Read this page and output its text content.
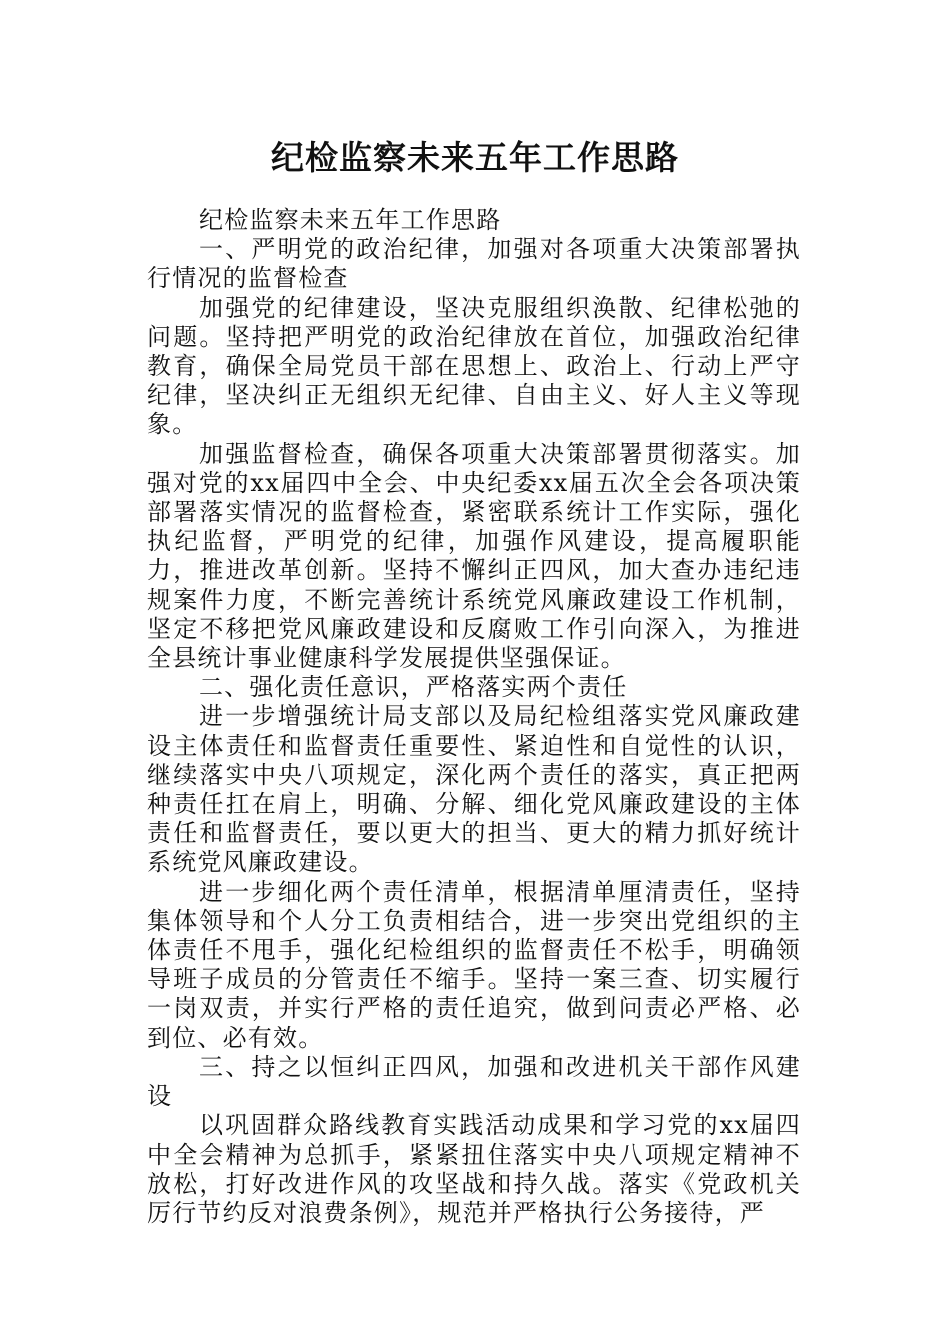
纪检监察未来五年工作思路

纪检监察未来五年工作思路

一、严明党的政治纪律，加强对各项重大决策部署执行情况的监督检查

加强党的纪律建设，坚决克服组织涣散、纪律松弛的问题。坚持把严明党的政治纪律放在首位，加强政治纪律教育，确保全局党员干部在思想上、政治上、行动上严守纪律，坚决纠正无组织无纪律、自由主义、好人主义等现象。

加强监督检查，确保各项重大决策部署贯彻落实。加强对党的xx届四中全会、中央纪委xx届五次全会各项决策部署落实情况的监督检查，紧密联系统计工作实际，强化执纪监督，严明党的纪律，加强作风建设，提高履职能力，推进改革创新。坚持不懈纠正四风，加大查办违纪违规案件力度，不断完善统计系统党风廉政建设工作机制，坚定不移把党风廉政建设和反腐败工作引向深入，为推进全县统计事业健康科学发展提供坚强保证。

二、强化责任意识，严格落实两个责任

进一步增强统计局支部以及局纪检组落实党风廉政建设主体责任和监督责任重要性、紧迫性和自觉性的认识，继续落实中央八项规定，深化两个责任的落实，真正把两种责任扛在肩上，明确、分解、细化党风廉政建设的主体责任和监督责任，要以更大的担当、更大的精力抓好统计系统党风廉政建设。

进一步细化两个责任清单，根据清单厘清责任，坚持集体领导和个人分工负责相结合，进一步突出党组织的主体责任不甩手，强化纪检组织的监督责任不松手，明确领导班子成员的分管责任不缩手。坚持一案三查、切实履行一岗双责，并实行严格的责任追究，做到问责必严格、必到位、必有效。

三、持之以恒纠正四风，加强和改进机关干部作风建设

以巩固群众路线教育实践活动成果和学习党的xx届四中全会精神为总抓手，紧紧扭住落实中央八项规定精神不放松，打好改进作风的攻坚战和持久战。落实《党政机关厉行节约反对浪费条例》，规范并严格执行公务接待，严
